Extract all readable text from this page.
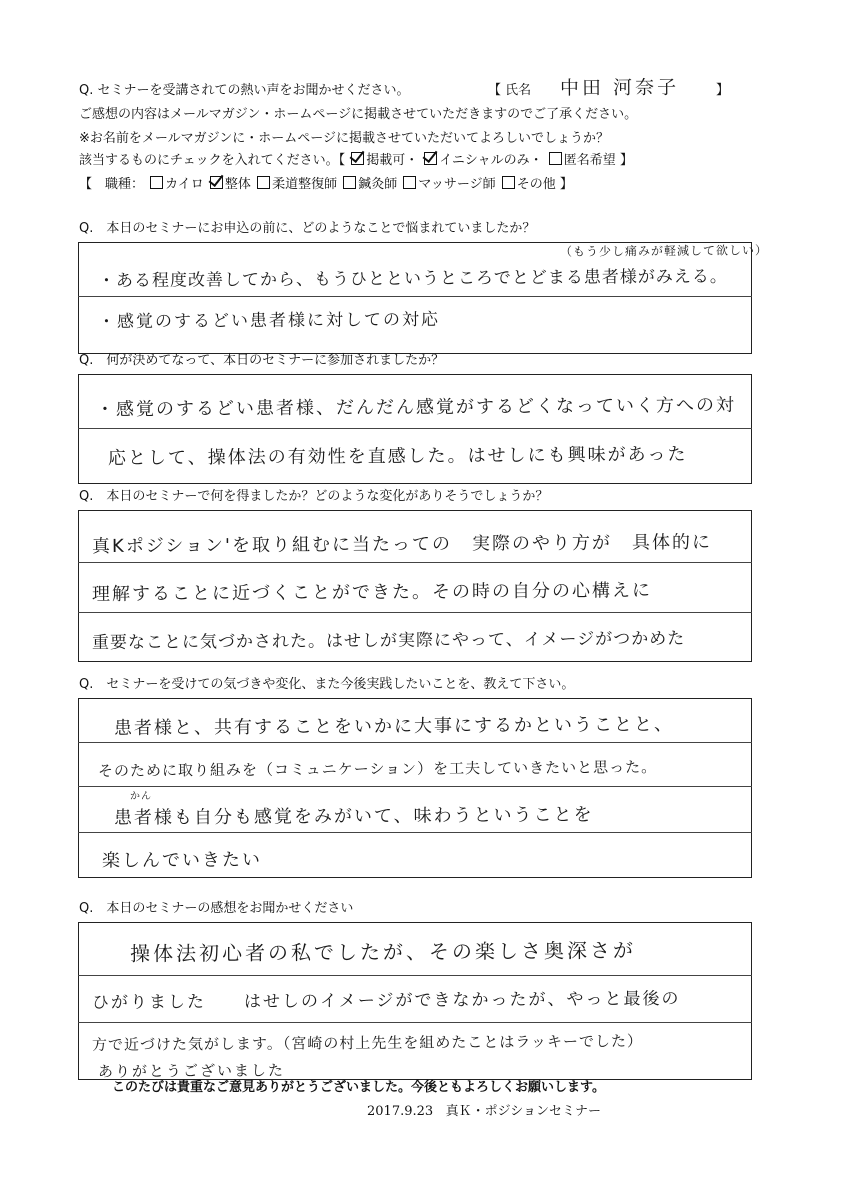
Q. セミナーを受講されての熱い声をお聞かせください。	【 氏名 中田 河奈子	】
ご感想の内容はメールマガジン・ホームページに掲載させていただきますのでご了承ください。
※お名前をメールマガジンに・ホームページに掲載させていただいてよろしいでしょうか？
該当するものにチェックを入れてください。【 掲載可・ イニシャルのみ・ 匿名希望 】
【　職種： カイロ 整体 柔道整復師 鍼灸師 マッサージ師 その他 】
Q.　本日のセミナーにお申込の前に、どのようなことで悩まれていましたか？
（もう少し痛みが軽減して欲しい）
・ある程度改善してから、もうひとというところでとどまる患者様がみえる。
・感覚のするどい患者様に対しての対応
Q.　何が決めてなって、本日のセミナーに参加されましたか？
・感覚のするどい患者様、だんだん感覚がするどくなっていく方への対
応として、操体法の有効性を直感した。はせしにも興味があった
Q.　本日のセミナーで何を得ましたか？どのような変化がありそうでしょうか？
真Kポジション'を取り組むに当たっての　実際のやり方が　具体的に
理解することに近づくことができた。その時の自分の心構えに
重要なことに気づかされた。はせしが実際にやって、イメージがつかめた
Q.　セミナーを受けての気づきや変化、また今後実践したいことを、教えて下さい。
患者様と、共有することをいかに大事にするかということと、
そのために取り組みを（コミュニケーション）を工夫していきたいと思った。
かん
患者様も自分も感覚をみがいて、味わうということを
楽しんでいきたい
Q.　本日のセミナーの感想をお聞かせください
操体法初心者の私でしたが、その楽しさ奥深さが
ひがりました　　はせしのイメージができなかったが、やっと最後の
方で近づけた気がします。（宮崎の村上先生を組めたことはラッキーでした）
ありがとうございました
このたびは貴重なご意見ありがとうございました。今後ともよろしくお願いします。
2017.9.23 真Ｋ・ポジションセミナー
